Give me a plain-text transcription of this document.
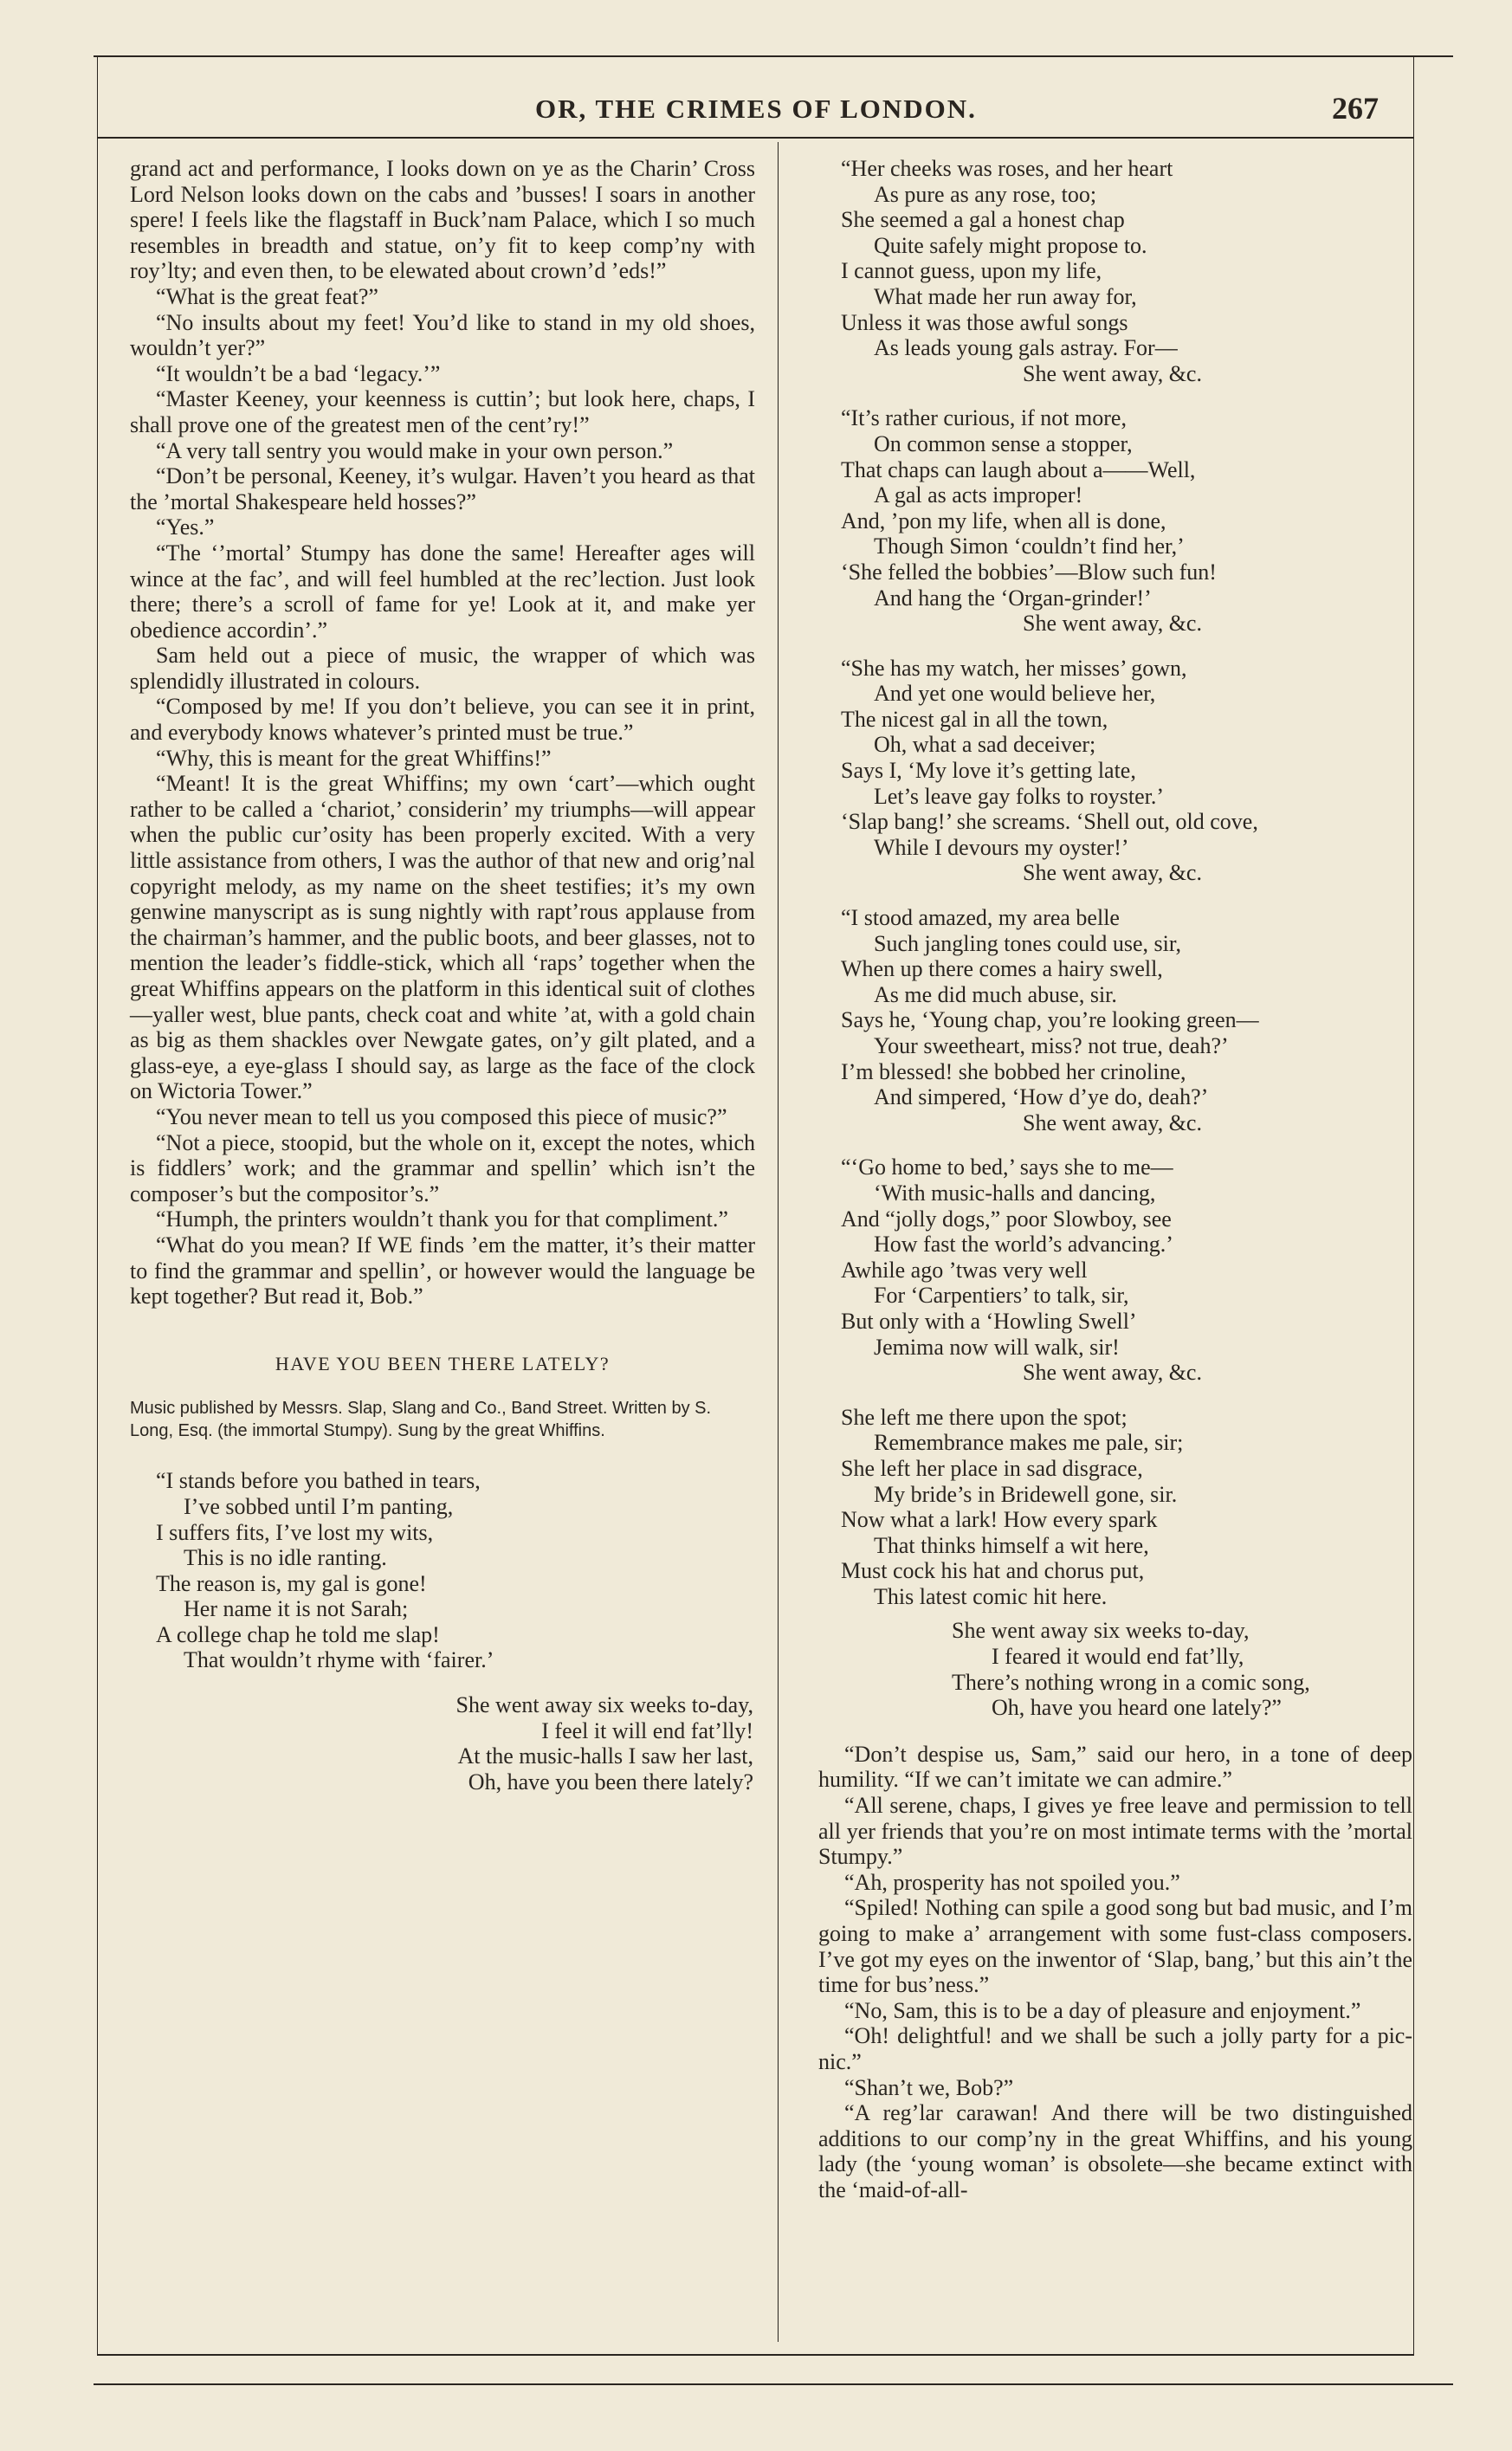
OR, THE CRIMES OF LONDON.	267

grand act and performance, I looks down on ye as the Charin’ Cross Lord Nelson looks down on the cabs and ’busses! I soars in another spere! I feels like the flagstaff in Buck’nam Palace, which I so much resembles in breadth and statue, on’y fit to keep comp’ny with roy’lty; and even then, to be elewated about crown’d ’eds!”

“What is the great feat?”

“No insults about my feet! You’d like to stand in my old shoes, wouldn’t yer?”

“It wouldn’t be a bad ‘legacy.’”

“Master Keeney, your keenness is cuttin’; but look here, chaps, I shall prove one of the greatest men of the cent’ry!”

“A very tall sentry you would make in your own person.”

“Don’t be personal, Keeney, it’s wulgar. Haven’t you heard as that the ’mortal Shakespeare held hosses?”

“Yes.”

“The ‘’mortal’ Stumpy has done the same! Hereafter ages will wince at the fac’, and will feel humbled at the rec’lection. Just look there; there’s a scroll of fame for ye! Look at it, and make yer obedience accordin’.”

Sam held out a piece of music, the wrapper of which was splendidly illustrated in colours.

“Composed by me! If you don’t believe, you can see it in print, and everybody knows whatever’s printed must be true.”

“Why, this is meant for the great Whiffins!”

“Meant! It is the great Whiffins; my own ‘cart’—which ought rather to be called a ‘chariot,’ considerin’ my triumphs—will appear when the public cur’osity has been properly excited. With a very little assistance from others, I was the author of that new and orig’nal copyright melody, as my name on the sheet testifies; it’s my own genwine manyscript as is sung nightly with rapt’rous applause from the chairman’s hammer, and the public boots, and beer glasses, not to mention the leader’s fiddle-stick, which all ‘raps’ together when the great Whiffins appears on the platform in this identical suit of clothes—yaller west, blue pants, check coat and white ’at, with a gold chain as big as them shackles over Newgate gates, on’y gilt plated, and a glass-eye, a eye-glass I should say, as large as the face of the clock on Wictoria Tower.”

“You never mean to tell us you composed this piece of music?”

“Not a piece, stoopid, but the whole on it, except the notes, which is fiddlers’ work; and the grammar and spellin’ which isn’t the composer’s but the compositor’s.”

“Humph, the printers wouldn’t thank you for that compliment.”

“What do you mean? If WE finds ’em the matter, it’s their matter to find the grammar and spellin’, or however would the language be kept together? But read it, Bob.”

HAVE YOU BEEN THERE LATELY?
Music published by Messrs. Slap, Slang and Co., Band Street. Written by S. Long, Esq. (the immortal Stumpy). Sung by the great Whiffins.
“I stands before you bathed in tears,
I’ve sobbed until I’m panting,
I suffers fits, I’ve lost my wits,
This is no idle ranting.
The reason is, my gal is gone!
Her name it is not Sarah;
A college chap he told me slap!
That wouldn’t rhyme with ‘fairer.’
She went away six weeks to-day,
I feel it will end fat’lly!
At the music-halls I saw her last,
Oh, have you been there lately?
“Her cheeks was roses, and her heart
As pure as any rose, too;
She seemed a gal a honest chap
Quite safely might propose to.
I cannot guess, upon my life,
What made her run away for,
Unless it was those awful songs
As leads young gals astray. For—
She went away, &c.
“It’s rather curious, if not more,
On common sense a stopper,
That chaps can laugh about a——Well,
A gal as acts improper!
And, ’pon my life, when all is done,
Though Simon ‘couldn’t find her,’
‘She felled the bobbies’—Blow such fun!
And hang the ‘Organ-grinder!’
She went away, &c.
“She has my watch, her misses’ gown,
And yet one would believe her,
The nicest gal in all the town,
Oh, what a sad deceiver;
Says I, ‘My love it’s getting late,
Let’s leave gay folks to royster.’
‘Slap bang!’ she screams. ‘Shell out, old cove,
While I devours my oyster!’
She went away, &c.
“I stood amazed, my area belle
Such jangling tones could use, sir,
When up there comes a hairy swell,
As me did much abuse, sir.
Says he, ‘Young chap, you’re looking green—
Your sweetheart, miss? not true, deah?’
I’m blessed! she bobbed her crinoline,
And simpered, ‘How d’ye do, deah?’
She went away, &c.
“‘Go home to bed,’ says she to me—
‘With music-halls and dancing,
And “jolly dogs,” poor Slowboy, see
How fast the world’s advancing.’
Awhile ago ’twas very well
For ‘Carpentiers’ to talk, sir,
But only with a ‘Howling Swell’
Jemima now will walk, sir!
She went away, &c.
She left me there upon the spot;
Remembrance makes me pale, sir;
She left her place in sad disgrace,
My bride’s in Bridewell gone, sir.
Now what a lark! How every spark
That thinks himself a wit here,
Must cock his hat and chorus put,
This latest comic hit here.
She went away six weeks to-day,
I feared it would end fat’lly,
There’s nothing wrong in a comic song,
Oh, have you heard one lately?”

“Don’t despise us, Sam,” said our hero, in a tone of deep humility. “If we can’t imitate we can admire.”

“All serene, chaps, I gives ye free leave and permission to tell all yer friends that you’re on most intimate terms with the ’mortal Stumpy.”

“Ah, prosperity has not spoiled you.”

“Spiled! Nothing can spile a good song but bad music, and I’m going to make a’ arrangement with some fust-class composers. I’ve got my eyes on the inwentor of ‘Slap, bang,’ but this ain’t the time for bus’ness.”

“No, Sam, this is to be a day of pleasure and enjoyment.”

“Oh! delightful! and we shall be such a jolly party for a pic-nic.”

“Shan’t we, Bob?”

“A reg’lar carawan! And there will be two distinguished additions to our comp’ny in the great Whiffins, and his young lady (the ‘young woman’ is obsolete—she became extinct with the ‘maid-of-all-
